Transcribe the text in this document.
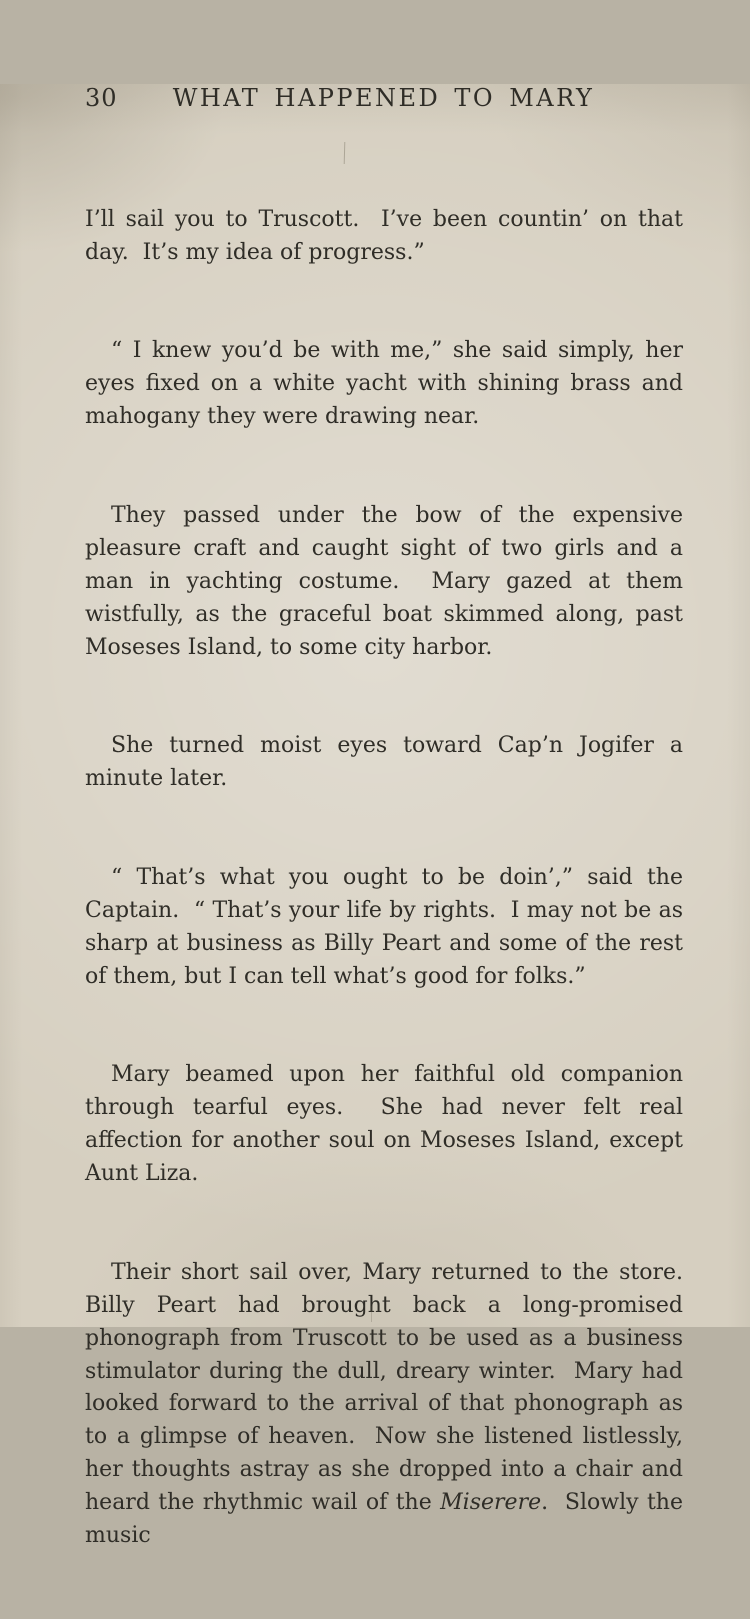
30	WHAT HAPPENED TO MARY

I’ll sail you to Truscott.  I’ve been countin’ on that day.  It’s my idea of progress.”

“ I knew you’d be with me,” she said simply, her eyes fixed on a white yacht with shining brass and mahogany they were drawing near.

They passed under the bow of the expensive pleasure craft and caught sight of two girls and a man in yachting costume.  Mary gazed at them wistfully, as the graceful boat skimmed along, past Moseses Island, to some city harbor.

She turned moist eyes toward Cap’n Jogifer a minute later.

“ That’s what you ought to be doin’,” said the Captain.  “ That’s your life by rights.  I may not be as sharp at business as Billy Peart and some of the rest of them, but I can tell what’s good for folks.”

Mary beamed upon her faithful old companion through tearful eyes.  She had never felt real affection for another soul on Moseses Island, except Aunt Liza.

Their short sail over, Mary returned to the store.  Billy Peart had brought back a long-promised phonograph from Truscott to be used as a business stimulator during the dull, dreary winter.  Mary had looked forward to the arrival of that phonograph as to a glimpse of heaven.  Now she listened listlessly, her thoughts astray as she dropped into a chair and heard the rhythmic wail of the Miserere.  Slowly the music
